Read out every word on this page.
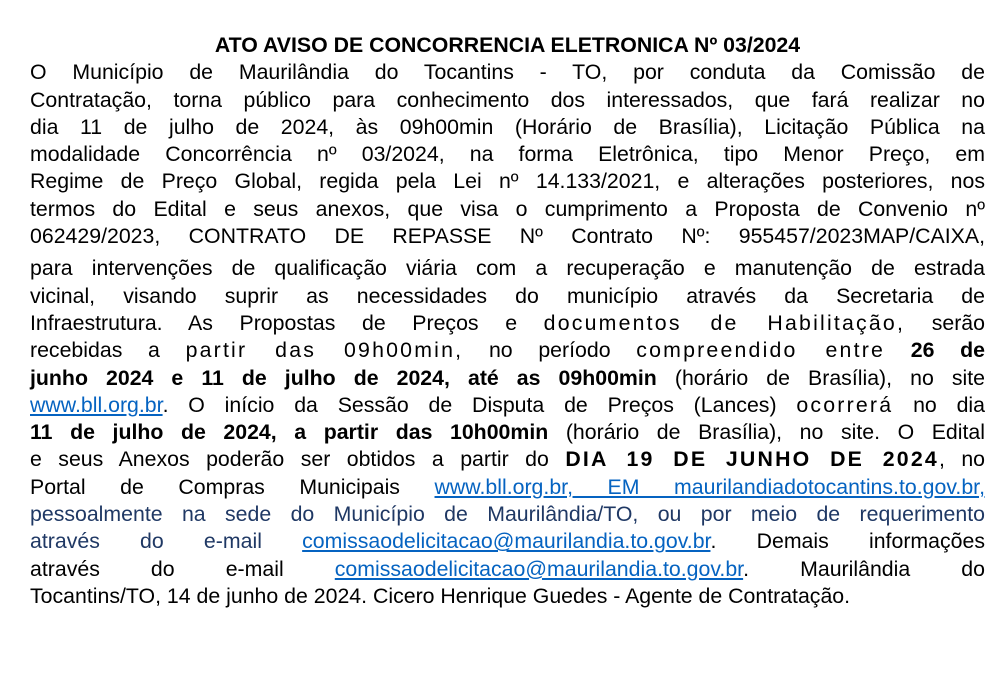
ATO AVISO DE CONCORRENCIA ELETRONICA Nº 03/2024

O Município de Maurilândia do Tocantins - TO, por conduta da Comissão de
Contratação, torna público para conhecimento dos interessados, que fará realizar no
dia 11 de julho de 2024, às 09h00min (Horário de Brasília), Licitação Pública na
modalidade Concorrência nº 03/2024, na forma Eletrônica, tipo Menor Preço, em
Regime de Preço Global, regida pela Lei nº 14.133/2021, e alterações posteriores, nos
termos do Edital e seus anexos, que visa o cumprimento a Proposta de Convenio nº
062429/2023, CONTRATO DE REPASSE Nº Contrato Nº: 955457/2023MAP/CAIXA,
para intervenções de qualificação viária com a recuperação e manutenção de estrada
vicinal, visando suprir as necessidades do município através da Secretaria de
Infraestrutura. As Propostas de Preços e documentos de Habilitação, serão
recebidas a partir das 09h00min, no período compreendido entre 26 de
junho 2024 e 11 de julho de 2024, até as 09h00min (horário de Brasília), no site
www.bll.org.br. O início da Sessão de Disputa de Preços (Lances) ocorrerá no dia
11 de julho de 2024, a partir das 10h00min (horário de Brasília), no site. O Edital
e seus Anexos poderão ser obtidos a partir do DIA 19 DE JUNHO DE 2024, no
Portal de Compras Municipais www.bll.org.br, EM maurilandiadotocantins.to.gov.br,
pessoalmente na sede do Município de Maurilândia/TO, ou por meio de requerimento
através do e-mail comissaodelicitacao@maurilandia.to.gov.br. Demais informações
através do e-mail comissaodelicitacao@maurilandia.to.gov.br. Maurilândia do
Tocantins/TO, 14 de junho de 2024. Cicero Henrique Guedes - Agente de Contratação.
